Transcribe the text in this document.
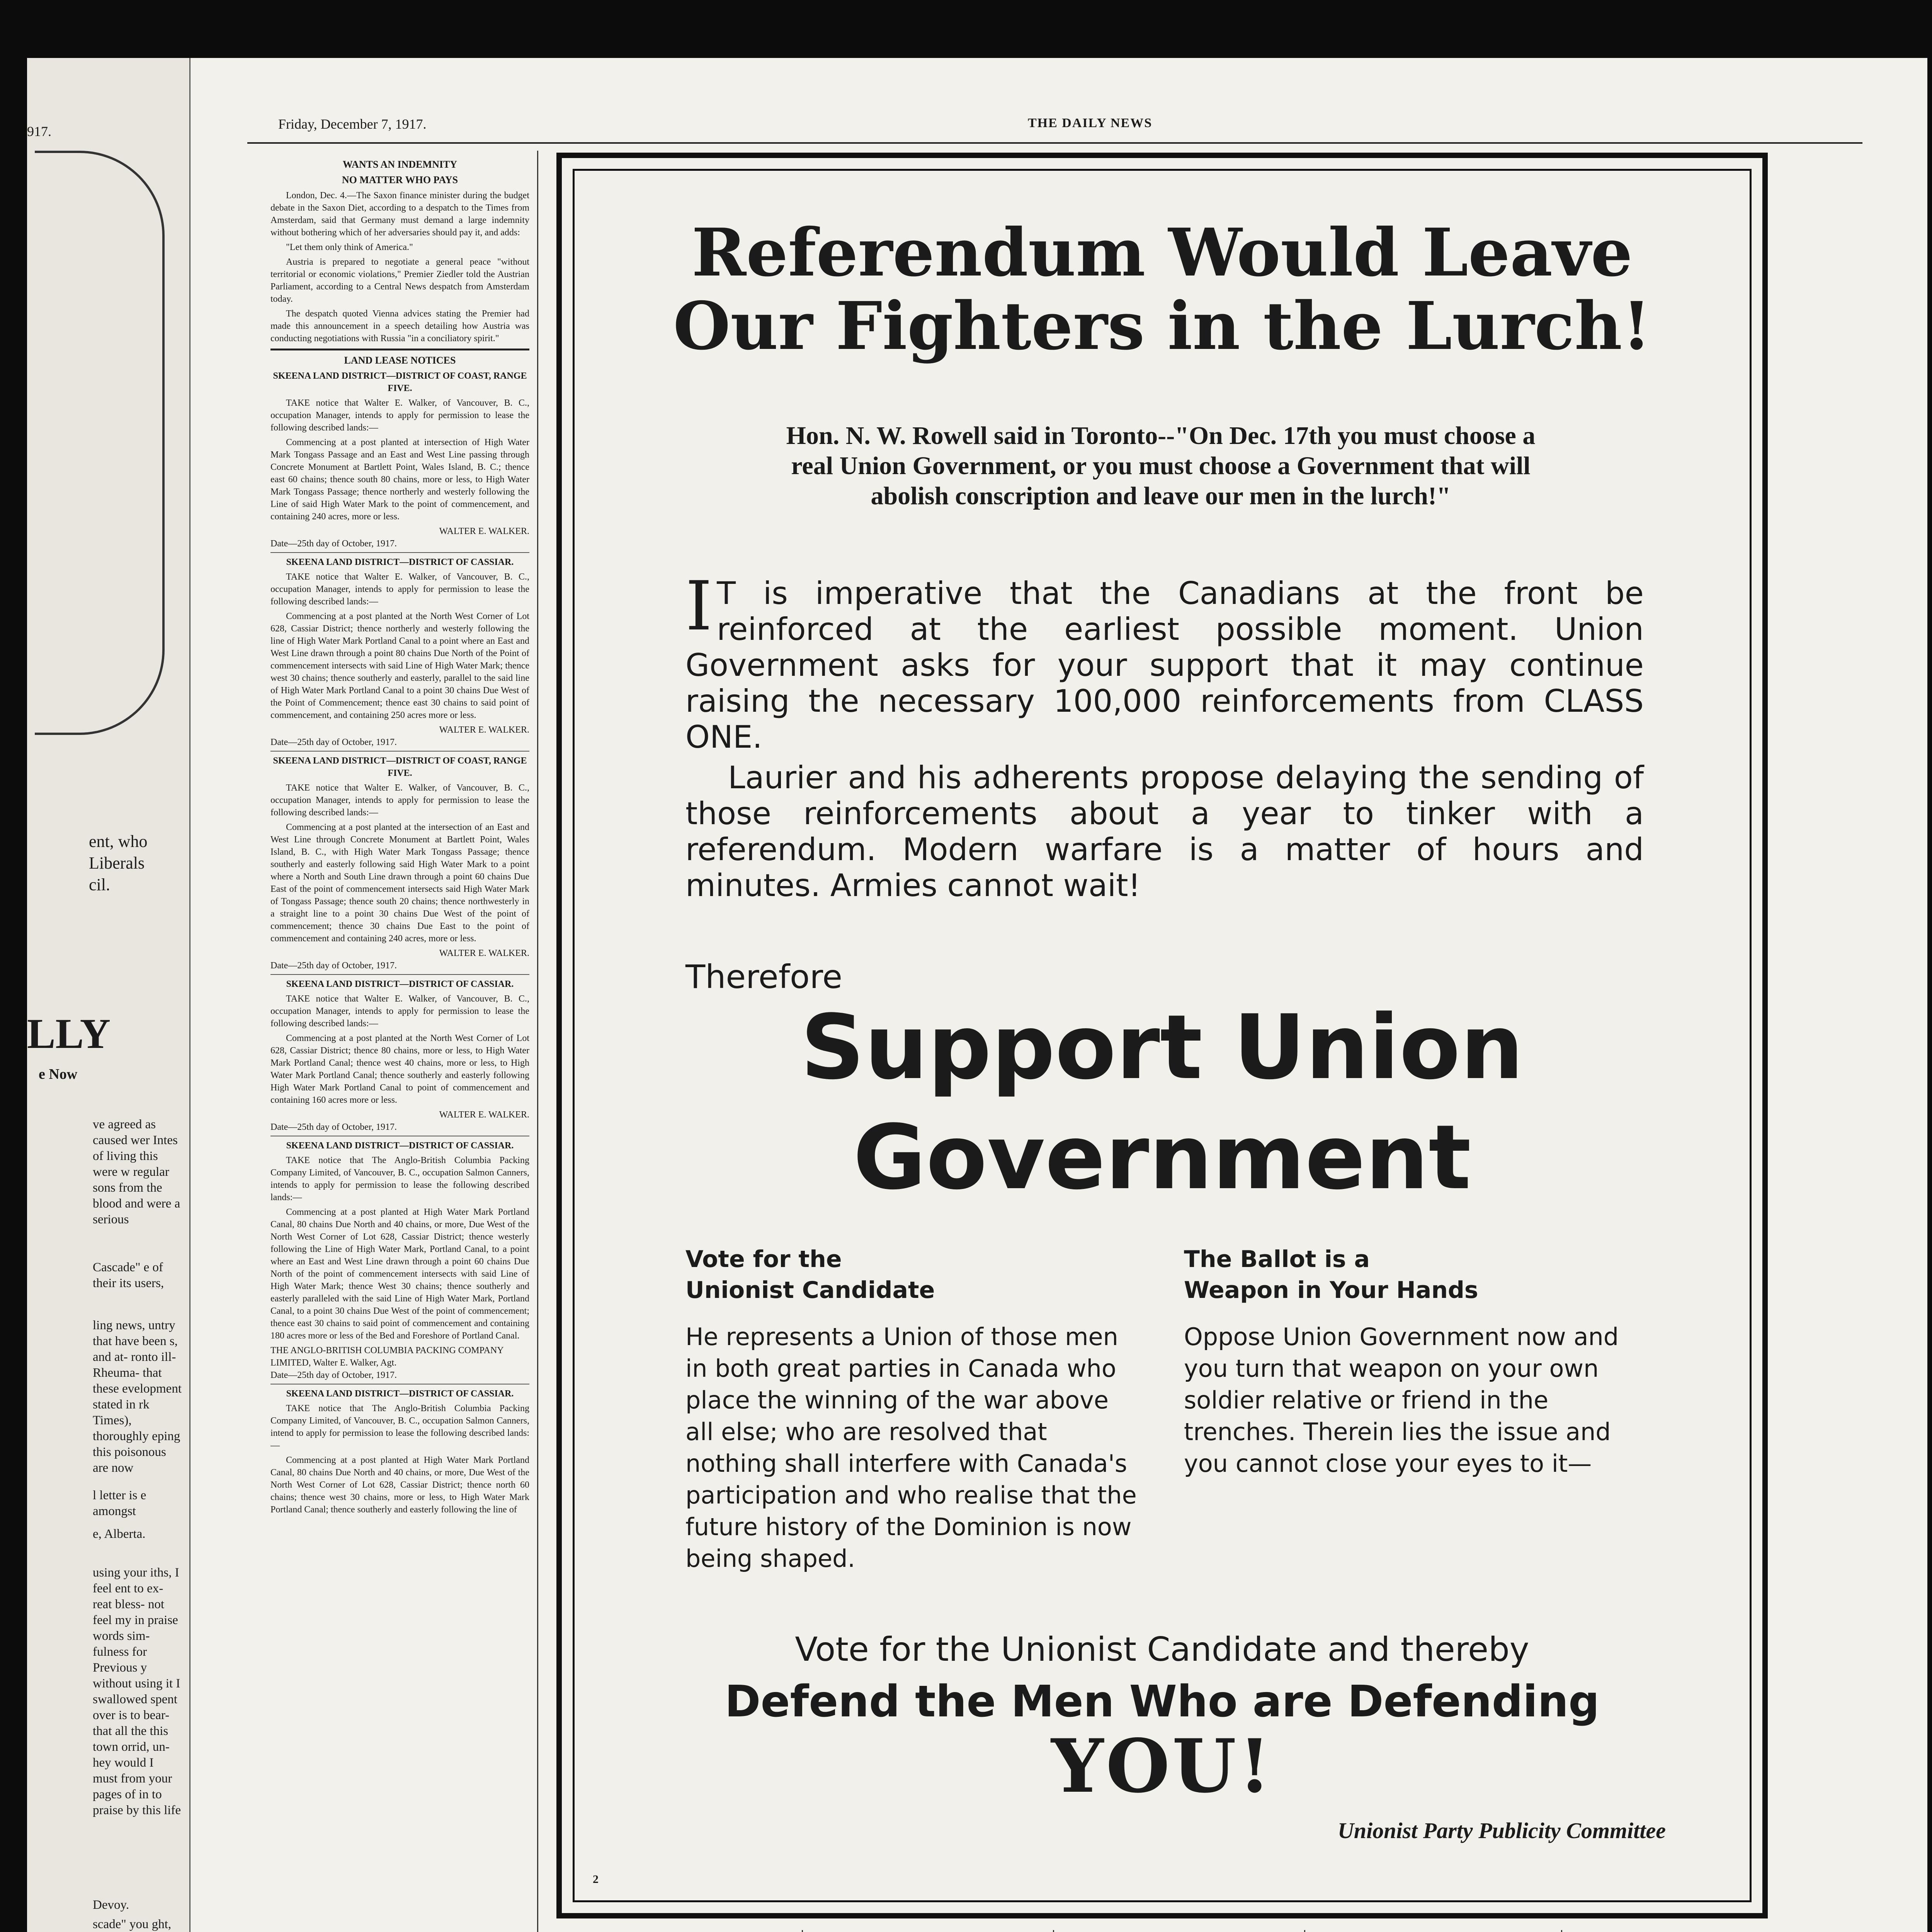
917.
ent, who
Liberals
cil.
LLY
e Now
ve agreed as caused wer Intes of living this were w regular sons from the blood and were a serious
Cascade" e of their its users,
ling news, untry that have been s, and at- ronto ill- Rheuma- that these evelopment stated in rk Times), thoroughly eping this poisonous are now
l letter is e amongst
e, Alberta.
using your iths, I feel ent to ex- reat bless- not feel my in praise words sim- fulness for Previous y without using it I swallowed spent over is to bear- that all the this town orrid, un- hey would I must from your pages of in to praise by this life
Devoy.
scade" you ght,
Friday, December 7, 1917.	THE DAILY NEWS

WANTS AN INDEMNITY

NO MATTER WHO PAYS

London, Dec. 4.—The Saxon finance minister during the budget debate in the Saxon Diet, according to a despatch to the Times from Amsterdam, said that Germany must demand a large indemnity without bothering which of her adversaries should pay it, and adds:

"Let them only think of America."

Austria is prepared to negotiate a general peace "without territorial or economic violations," Premier Ziedler told the Austrian Parliament, according to a Central News despatch from Amsterdam today.

The despatch quoted Vienna advices stating the Premier had made this announcement in a speech detailing how Austria was conducting negotiations with Russia "in a conciliatory spirit."

LAND LEASE NOTICES

SKEENA LAND DISTRICT—DISTRICT OF COAST, RANGE FIVE.

TAKE notice that Walter E. Walker, of Vancouver, B. C., occupation Manager, intends to apply for permission to lease the following described lands:—

Commencing at a post planted at intersection of High Water Mark Tongass Passage and an East and West Line passing through Concrete Monument at Bartlett Point, Wales Island, B. C.; thence east 60 chains; thence south 80 chains, more or less, to High Water Mark Tongass Passage; thence northerly and westerly following the Line of said High Water Mark to the point of commencement, and containing 240 acres, more or less.

WALTER E. WALKER.

Date—25th day of October, 1917.

SKEENA LAND DISTRICT—DISTRICT OF CASSIAR.

TAKE notice that Walter E. Walker, of Vancouver, B. C., occupation Manager, intends to apply for permission to lease the following described lands:—

Commencing at a post planted at the North West Corner of Lot 628, Cassiar District; thence northerly and westerly following the line of High Water Mark Portland Canal to a point where an East and West Line drawn through a point 80 chains Due North of the Point of commencement intersects with said Line of High Water Mark; thence west 30 chains; thence southerly and easterly, parallel to the said line of High Water Mark Portland Canal to a point 30 chains Due West of the Point of Commencement; thence east 30 chains to said point of commencement, and containing 250 acres more or less.

WALTER E. WALKER.

Date—25th day of October, 1917.

SKEENA LAND DISTRICT—DISTRICT OF COAST, RANGE FIVE.

TAKE notice that Walter E. Walker, of Vancouver, B. C., occupation Manager, intends to apply for permission to lease the following described lands:—

Commencing at a post planted at the intersection of an East and West Line through Concrete Monument at Bartlett Point, Wales Island, B. C., with High Water Mark Tongass Passage; thence southerly and easterly following said High Water Mark to a point where a North and South Line drawn through a point 60 chains Due East of the point of commencement intersects said High Water Mark of Tongass Passage; thence south 20 chains; thence northwesterly in a straight line to a point 30 chains Due West of the point of commencement; thence 30 chains Due East to the point of commencement and containing 240 acres, more or less.

WALTER E. WALKER.

Date—25th day of October, 1917.

SKEENA LAND DISTRICT—DISTRICT OF CASSIAR.

TAKE notice that Walter E. Walker, of Vancouver, B. C., occupation Manager, intends to apply for permission to lease the following described lands:—

Commencing at a post planted at the North West Corner of Lot 628, Cassiar District; thence 80 chains, more or less, to High Water Mark Portland Canal; thence west 40 chains, more or less, to High Water Mark Portland Canal; thence southerly and easterly following High Water Mark Portland Canal to point of commencement and containing 160 acres more or less.

WALTER E. WALKER.

Date—25th day of October, 1917.

SKEENA LAND DISTRICT—DISTRICT OF CASSIAR.

TAKE notice that The Anglo-British Columbia Packing Company Limited, of Vancouver, B. C., occupation Salmon Canners, intends to apply for permission to lease the following described lands:—

Commencing at a post planted at High Water Mark Portland Canal, 80 chains Due North and 40 chains, or more, Due West of the North West Corner of Lot 628, Cassiar District; thence westerly following the Line of High Water Mark, Portland Canal, to a point where an East and West Line drawn through a point 60 chains Due North of the point of commencement intersects with said Line of High Water Mark; thence West 30 chains; thence southerly and easterly paralleled with the said Line of High Water Mark, Portland Canal, to a point 30 chains Due West of the point of commencement; thence east 30 chains to said point of commencement and containing 180 acres more or less of the Bed and Foreshore of Portland Canal.

THE ANGLO-BRITISH COLUMBIA PACKING COMPANY LIMITED, Walter E. Walker, Agt.

Date—25th day of October, 1917.

SKEENA LAND DISTRICT—DISTRICT OF CASSIAR.

TAKE notice that The Anglo-British Columbia Packing Company Limited, of Vancouver, B. C., occupation Salmon Canners, intend to apply for permission to lease the following described lands:—

Commencing at a post planted at High Water Mark Portland Canal, 80 chains Due North and 40 chains, or more, Due West of the North West Corner of Lot 628, Cassiar District; thence north 60 chains; thence west 30 chains, more or less, to High Water Mark Portland Canal; thence southerly and easterly following the line of

Referendum Would Leave
Our Fighters in the Lurch!
Hon. N. W. Rowell said in Toronto--"On Dec. 17th you must choose a real Union Government, or you must choose a Government that will abolish conscription and leave our men in the lurch!"

I T is imperative that the Canadians at the front be reinforced at the earliest possible moment. Union Government asks for your support that it may continue raising the necessary 100,000 reinforcements from CLASS ONE.

Laurier and his adherents propose delaying the sending of those reinforcements about a year to tinker with a referendum. Modern warfare is a matter of hours and minutes. Armies cannot wait!

Therefore
Support Union
Government
Vote for the
Unionist Candidate
He represents a Union of those men in both great parties in Canada who place the winning of the war above all else; who are resolved that nothing shall interfere with Canada's participation and who realise that the future history of the Dominion is now being shaped.
The Ballot is a
Weapon in Your Hands
Oppose Union Government now and you turn that weapon on your own soldier relative or friend in the trenches. Therein lies the issue and you cannot close your eyes to it—
Vote for the Unionist Candidate and thereby
Defend the Men Who are Defending
YOU!
Unionist Party Publicity Committee
2
